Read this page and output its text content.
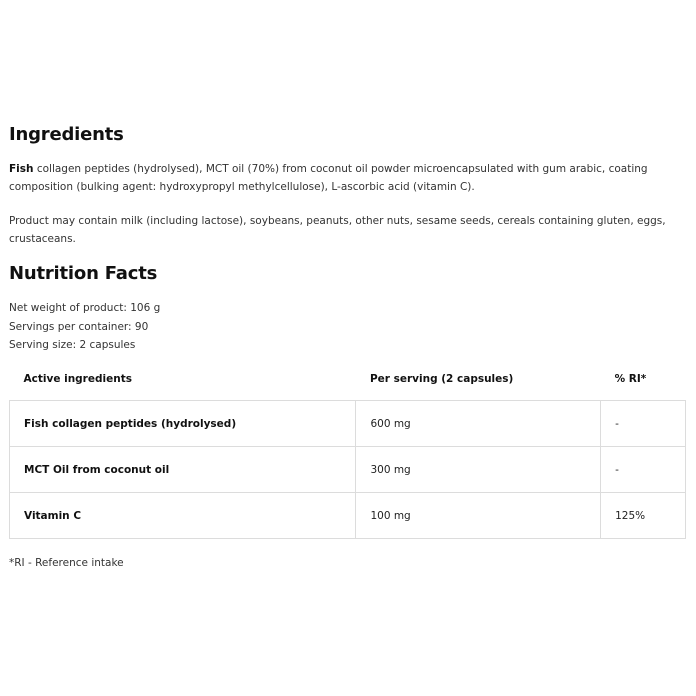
Ingredients
Fish collagen peptides (hydrolysed), MCT oil (70%) from coconut oil powder microencapsulated with gum arabic, coating composition (bulking agent: hydroxypropyl methylcellulose), L-ascorbic acid (vitamin C).
Product may contain milk (including lactose), soybeans, peanuts, other nuts, sesame seeds, cereals containing gluten, eggs, crustaceans.
Nutrition Facts
Net weight of product: 106 g
Servings per container: 90
Serving size: 2 capsules
Active ingredients	Per serving (2 capsules)	% RI*
Fish collagen peptides (hydrolysed)	600 mg	-
MCT Oil from coconut oil	300 mg	-
Vitamin C	100 mg	125%
*RI - Reference intake
